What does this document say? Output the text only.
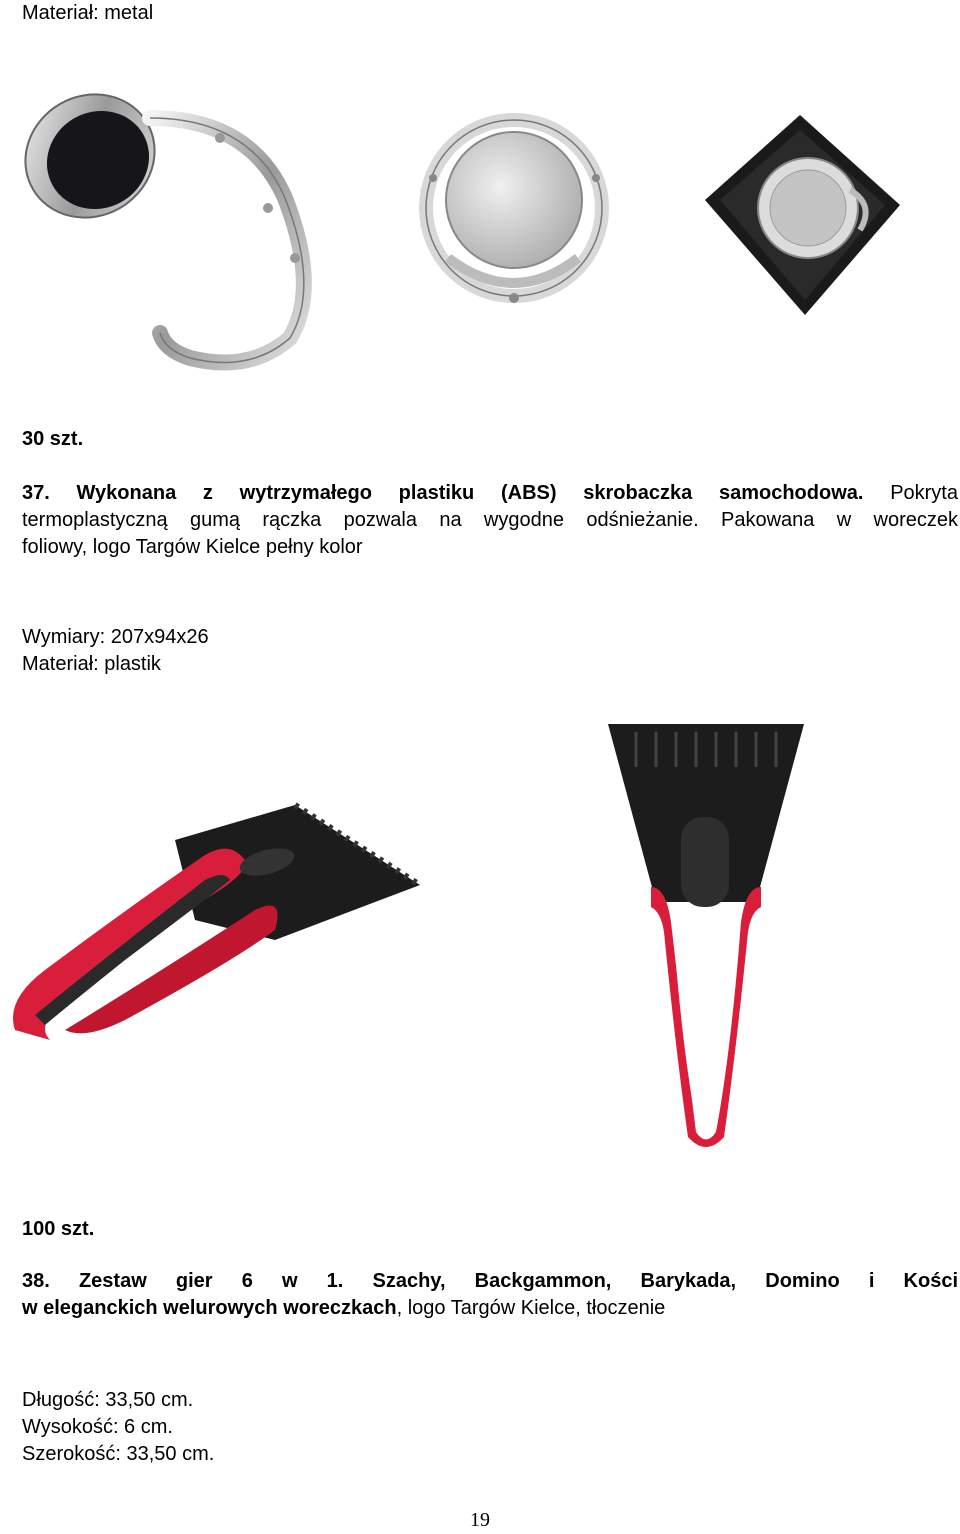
Materiał: metal
30 szt.
37. Wykonana z wytrzymałego plastiku (ABS) skrobaczka samochodowa. Pokryta
termoplastyczną gumą rączka pozwala na wygodne odśnieżanie. Pakowana w woreczek
foliowy, logo Targów Kielce pełny kolor
Wymiary: 207x94x26
Materiał: plastik
100 szt.
38. Zestaw gier 6 w 1. Szachy, Backgammon, Barykada, Domino i Kości
w eleganckich welurowych woreczkach, logo Targów Kielce, tłoczenie
Długość: 33,50 cm.
Wysokość: 6 cm.
Szerokość: 33,50 cm.
19
